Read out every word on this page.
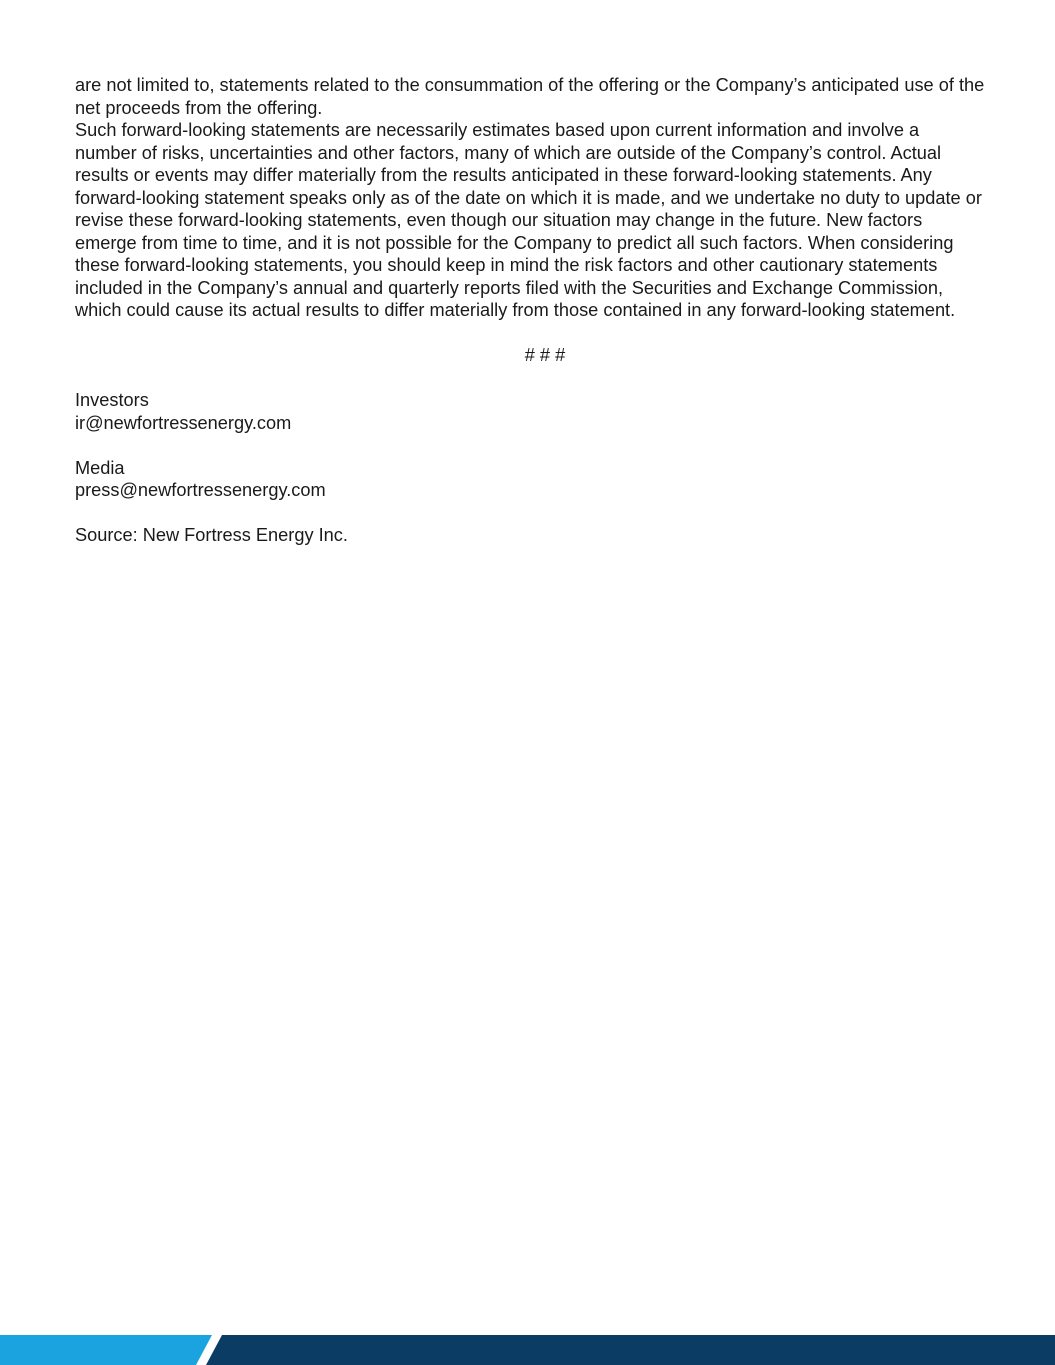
are not limited to, statements related to the consummation of the offering or the Company’s anticipated use of the net proceeds from the offering.

Such forward-looking statements are necessarily estimates based upon current information and involve a number of risks, uncertainties and other factors, many of which are outside of the Company’s control. Actual results or events may differ materially from the results anticipated in these forward-looking statements. Any forward-looking statement speaks only as of the date on which it is made, and we undertake no duty to update or revise these forward-looking statements, even though our situation may change in the future. New factors emerge from time to time, and it is not possible for the Company to predict all such factors. When considering these forward-looking statements, you should keep in mind the risk factors and other cautionary statements included in the Company’s annual and quarterly reports filed with the Securities and Exchange Commission, which could cause its actual results to differ materially from those contained in any forward-looking statement.

# # #
Investors
ir@newfortressenergy.com
Media
press@newfortressenergy.com
Source: New Fortress Energy Inc.
